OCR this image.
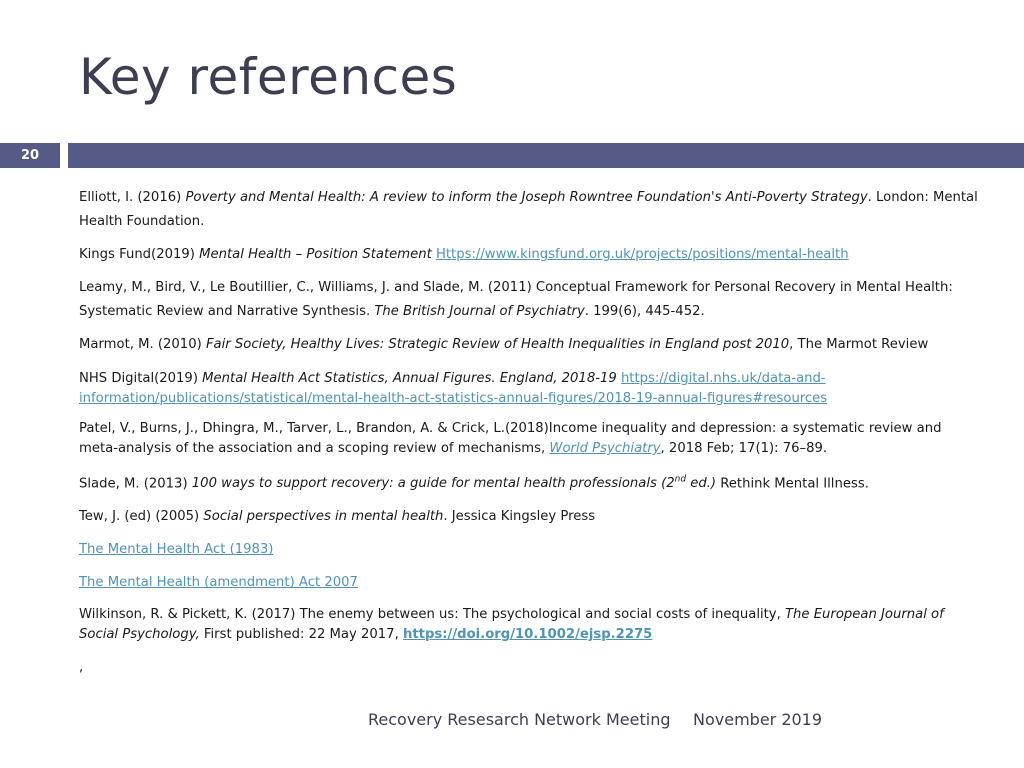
Key references
20

Elliott, I. (2016) Poverty and Mental Health: A review to inform the Joseph Rowntree Foundation's Anti-Poverty Strategy. London: Mental Health Foundation.

Kings Fund(2019) Mental Health – Position Statement Https://www.kingsfund.org.uk/projects/positions/mental-health

Leamy, M., Bird, V., Le Boutillier, C., Williams, J. and Slade, M. (2011) Conceptual Framework for Personal Recovery in Mental Health: Systematic Review and Narrative Synthesis. The British Journal of Psychiatry. 199(6), 445-452.

Marmot, M. (2010) Fair Society, Healthy Lives: Strategic Review of Health Inequalities in England post 2010, The Marmot Review

NHS Digital(2019) Mental Health Act Statistics, Annual Figures. England, 2018-19 https://digital.nhs.uk/data-and-information/publications/statistical/mental-health-act-statistics-annual-figures/2018-19-annual-figures#resources

Patel, V., Burns, J., Dhingra, M., Tarver, L., Brandon, A. & Crick, L.(2018)Income inequality and depression: a systematic review and meta-analysis of the association and a scoping review of mechanisms, World Psychiatry, 2018 Feb; 17(1): 76–89.

Slade, M. (2013) 100 ways to support recovery: a guide for mental health professionals (2nd ed.) Rethink Mental Illness.

Tew, J. (ed) (2005) Social perspectives in mental health. Jessica Kingsley Press

The Mental Health Act (1983)

The Mental Health (amendment) Act 2007

Wilkinson, R. & Pickett, K. (2017) The enemy between us: The psychological and social costs of inequality, The European Journal of Social Psychology, First published: 22 May 2017, https://doi.org/10.1002/ejsp.2275

,
Recovery Resesarch Network Meeting November 2019
